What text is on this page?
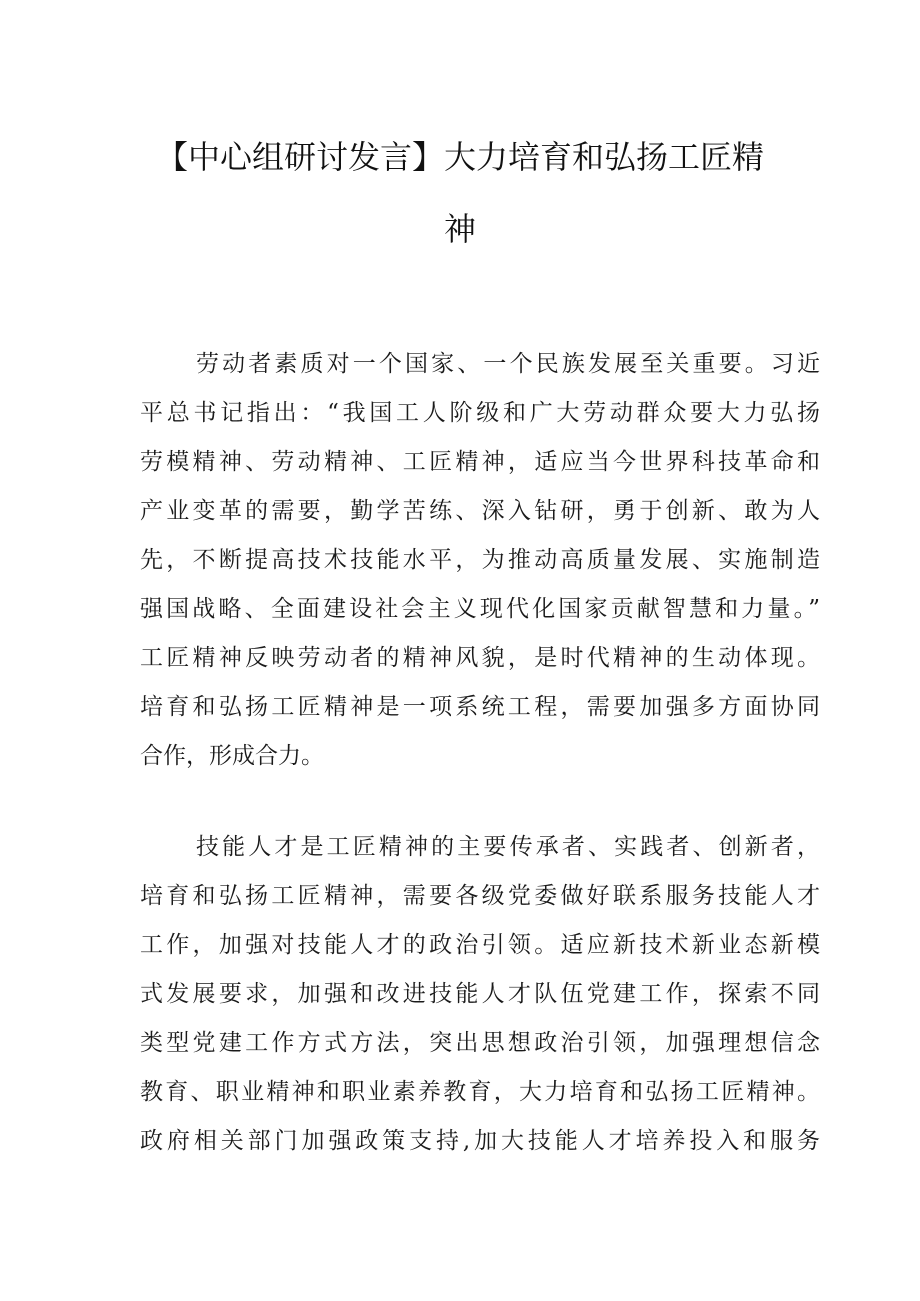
【中心组研讨发言】大力培育和弘扬工匠精
神
劳动者素质对一个国家、一个民族发展至关重要。习近
平总书记指出：“我国工人阶级和广大劳动群众要大力弘扬
劳模精神、劳动精神、工匠精神，适应当今世界科技革命和
产业变革的需要，勤学苦练、深入钻研，勇于创新、敢为人
先，不断提高技术技能水平，为推动高质量发展、实施制造
强国战略、全面建设社会主义现代化国家贡献智慧和力量。”
工匠精神反映劳动者的精神风貌，是时代精神的生动体现。
培育和弘扬工匠精神是一项系统工程，需要加强多方面协同
合作，形成合力。
技能人才是工匠精神的主要传承者、实践者、创新者，
培育和弘扬工匠精神，需要各级党委做好联系服务技能人才
工作，加强对技能人才的政治引领。适应新技术新业态新模
式发展要求，加强和改进技能人才队伍党建工作，探索不同
类型党建工作方式方法，突出思想政治引领，加强理想信念
教育、职业精神和职业素养教育，大力培育和弘扬工匠精神。
政府相关部门加强政策支持,加大技能人才培养投入和服务
